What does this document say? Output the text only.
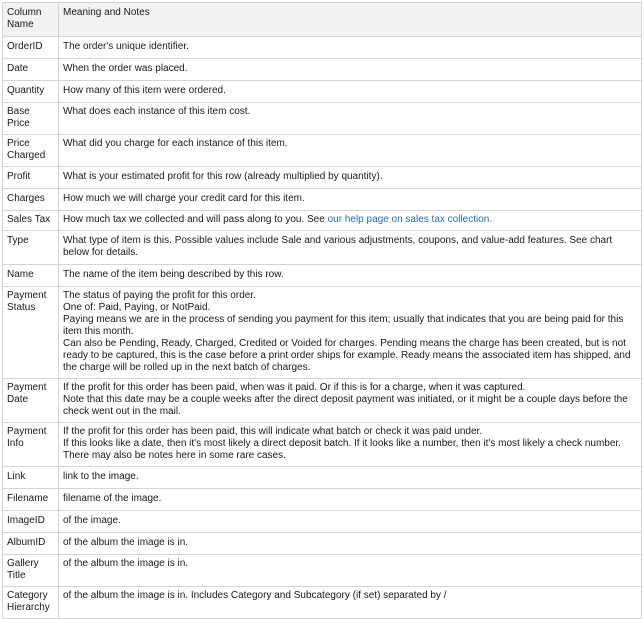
Column Name	Meaning and Notes
OrderID	The order's unique identifier.

Date	When the order was placed.

Quantity	How many of this item were ordered.

Base Price	What does each instance of this item cost.

Price Charged	What did you charge for each instance of this item.

Profit	What is your estimated profit for this row (already multiplied by quantity).

Charges	How much we will charge your credit card for this item.

Sales Tax	How much tax we collected and will pass along to you. See our help page on sales tax collection.

Type	What type of item is this. Possible values include Sale and various adjustments, coupons, and value-add features. See chart below for details.

Name	The name of the item being described by this row.

Payment Status	The status of paying the profit for this order.
One of: Paid, Paying, or NotPaid.
Paying means we are in the process of sending you payment for this item; usually that indicates that you are being paid for this item this month.
Can also be Pending, Ready, Charged, Credited or Voided for charges. Pending means the charge has been created, but is not ready to be captured, this is the case before a print order ships for example. Ready means the associated item has shipped, and the charge will be rolled up in the next batch of charges.

Payment Date	If the profit for this order has been paid, when was it paid. Or if this is for a charge, when it was captured.
Note that this date may be a couple weeks after the direct deposit payment was initiated, or it might be a couple days before the check went out in the mail.

Payment Info	If the profit for this order has been paid, this will indicate what batch or check it was paid under.
If this looks like a date, then it's most likely a direct deposit batch. If it looks like a number, then it's most likely a check number.
There may also be notes here in some rare cases.

Link	link to the image.

Filename	filename of the image.

ImageID	of the image.

AlbumID	of the album the image is in.

Gallery Title	of the album the image is in.

Category Hierarchy	of the album the image is in. Includes Category and Subcategory (if set) separated by /
